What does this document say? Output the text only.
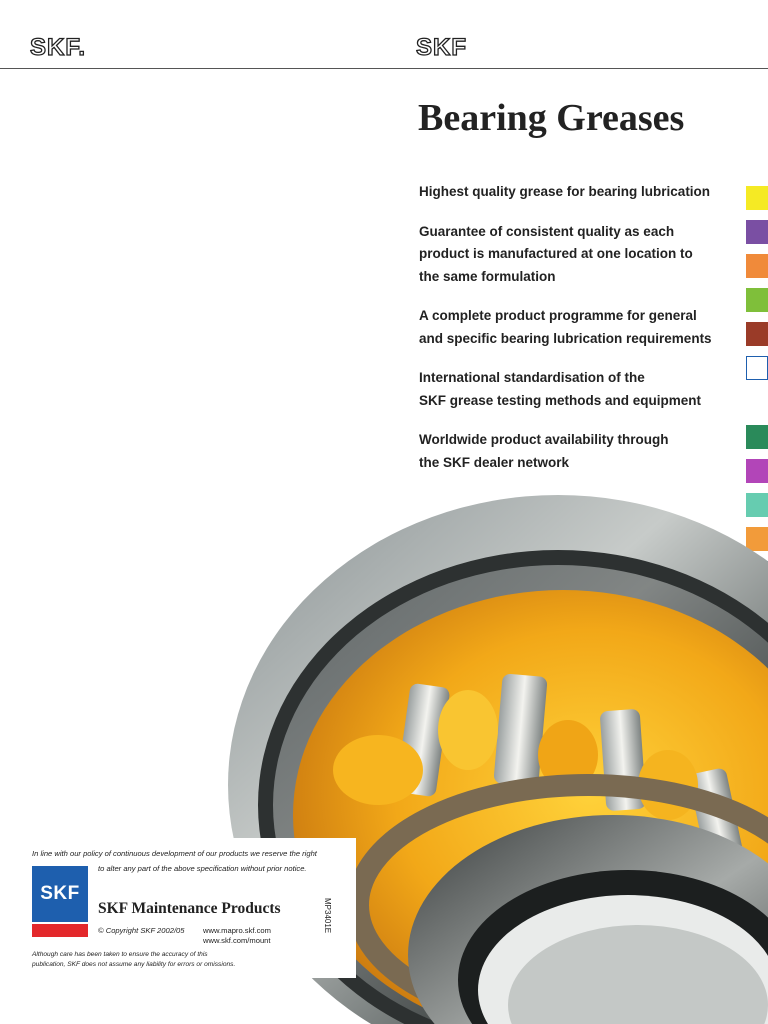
SKF.	SKF
Bearing Greases
Highest quality grease for bearing lubrication
Guarantee of consistent quality as each
product is manufactured at one location to
the same formulation
A complete product programme for general
and specific bearing lubrication requirements
International standardisation of the
SKF grease testing methods and equipment
Worldwide product availability through
the SKF dealer network
In line with our policy of continuous development of our products we reserve the right
to alter any part of the above specification without prior notice.
SKF
SKF Maintenance Products
© Copyright SKF 2002/05 www.mapro.skf.com
www.skf.com/mount
MP3401E
Although care has been taken to ensure the accuracy of this
publication, SKF does not assume any liability for errors or omissions.
